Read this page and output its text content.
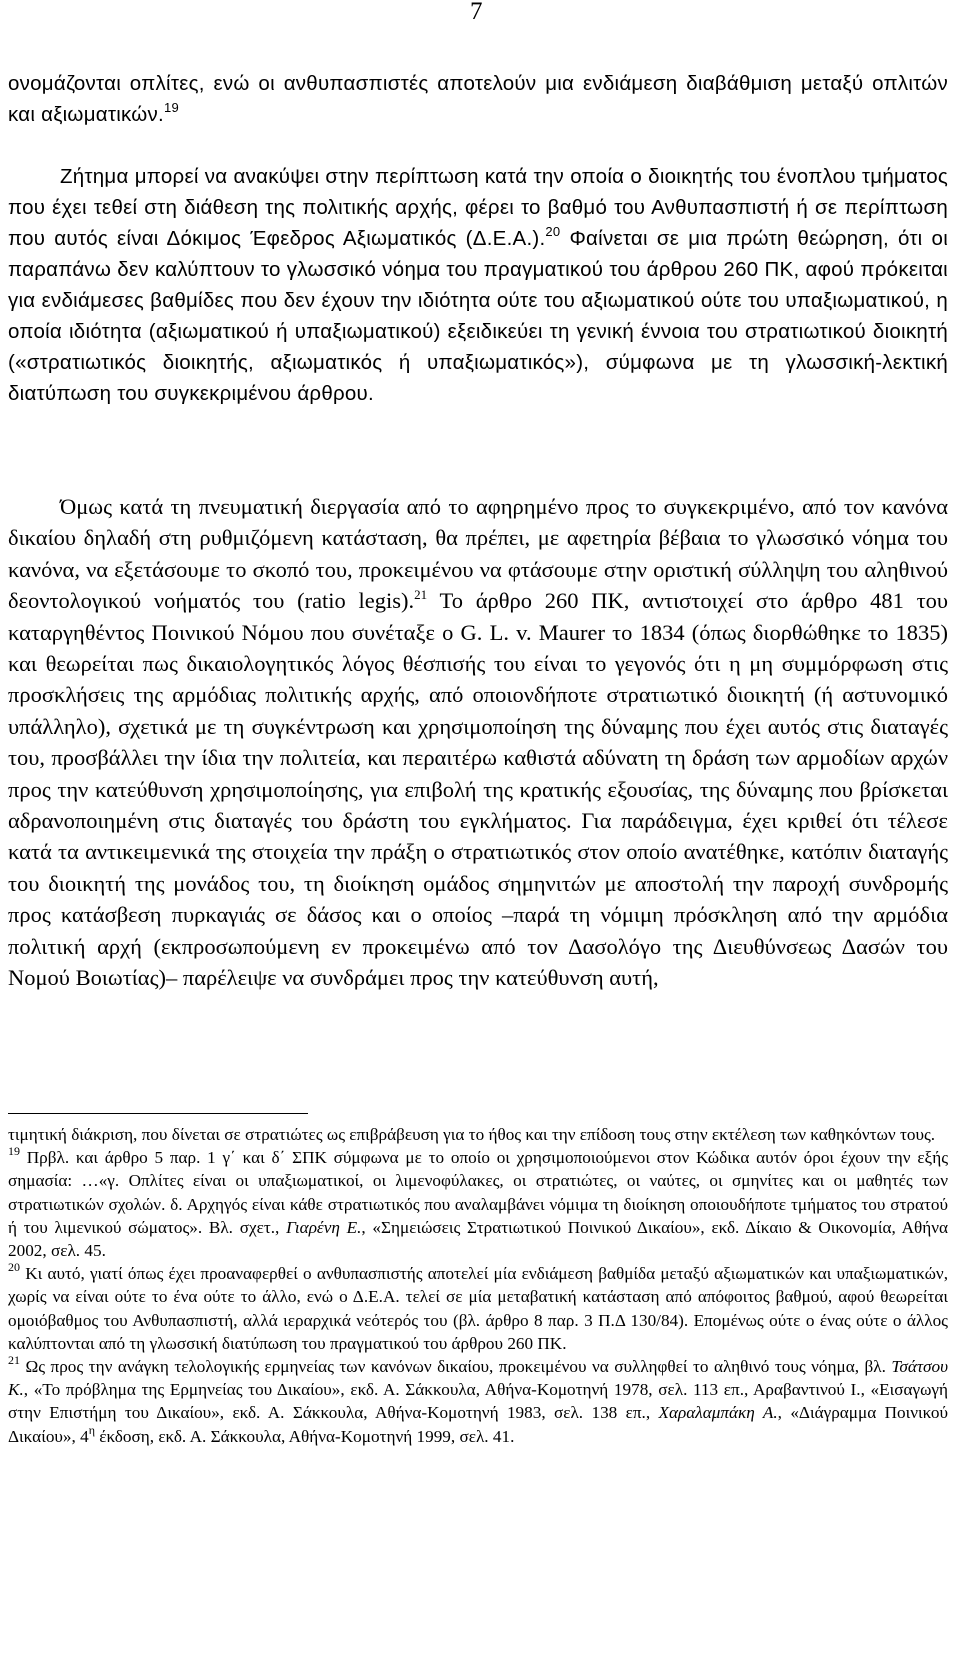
7

ονομάζονται οπλίτες, ενώ οι ανθυπασπιστές αποτελούν μια ενδιάμεση διαβάθμιση μεταξύ οπλιτών και αξιωματικών.$^{19}$

Ζήτημα μπορεί να ανακύψει στην περίπτωση κατά την οποία ο διοικητής του ένοπλου τμήματος που έχει τεθεί στη διάθεση της πολιτικής αρχής, φέρει το βαθμό του Ανθυπασπιστή ή σε περίπτωση που αυτός είναι Δόκιμος Έφεδρος Αξιωματικός (Δ.Ε.Α.).$^{20}$ Φαίνεται σε μια πρώτη θεώρηση, ότι οι παραπάνω δεν καλύπτουν το γλωσσικό νόημα του πραγματικού του άρθρου 260 ΠΚ, αφού πρόκειται για ενδιάμεσες βαθμίδες που δεν έχουν την ιδιότητα ούτε του αξιωματικού ούτε του υπαξιωματικού, η οποία ιδιότητα (αξιωματικού ή υπαξιωματικού) εξειδικεύει τη γενική έννοια του στρατιωτικού διοικητή («στρατιωτικός διοικητής, αξιωματικός ή υπαξιωματικός»), σύμφωνα με τη γλωσσική-λεκτική διατύπωση του συγκεκριμένου άρθρου.

Όμως κατά τη πνευματική διεργασία από το αφηρημένο προς το συγκεκριμένο, από τον κανόνα δικαίου δηλαδή στη ρυθμιζόμενη κατάσταση, θα πρέπει, με αφετηρία βέβαια το γλωσσικό νόημα του κανόνα, να εξετάσουμε το σκοπό του, προκειμένου να φτάσουμε στην οριστική σύλληψη του αληθινού δεοντολογικού νοήματός του (ratio legis).$^{21}$ Το άρθρο 260 ΠΚ, αντιστοιχεί στο άρθρο 481 του καταργηθέντος Ποινικού Νόμου που συνέταξε ο G. L. v. Maurer το 1834 (όπως διορθώθηκε το 1835) και θεωρείται πως δικαιολογητικός λόγος θέσπισής του είναι το γεγονός ότι η μη συμμόρφωση στις προσκλήσεις της αρμόδιας πολιτικής αρχής, από οποιονδήποτε στρατιωτικό διοικητή (ή αστυνομικό υπάλληλο), σχετικά με τη συγκέντρωση και χρησιμοποίηση της δύναμης που έχει αυτός στις διαταγές του, προσβάλλει την ίδια την πολιτεία, και περαιτέρω καθιστά αδύνατη τη δράση των αρμοδίων αρχών προς την κατεύθυνση χρησιμοποίησης, για επιβολή της κρατικής εξουσίας, της δύναμης που βρίσκεται αδρανοποιημένη στις διαταγές του δράστη του εγκλήματος. Για παράδειγμα, έχει κριθεί ότι τέλεσε κατά τα αντικειμενικά της στοιχεία την πράξη ο στρατιωτικός στον οποίο ανατέθηκε, κατόπιν διαταγής του διοικητή της μονάδος του, τη διοίκηση ομάδος σημηνιτών με αποστολή την παροχή συνδρομής προς κατάσβεση πυρκαγιάς σε δάσος και ο οποίος –παρά τη νόμιμη πρόσκληση από την αρμόδια πολιτική αρχή (εκπροσωπούμενη εν προκειμένω από τον Δασολόγο της Διευθύνσεως Δασών του Νομού Βοιωτίας)– παρέλειψε να συνδράμει προς την κατεύθυνση αυτή,

τιμητική διάκριση, που δίνεται σε στρατιώτες ως επιβράβευση για το ήθος και την επίδοση τους στην εκτέλεση των καθηκόντων τους.

$^{19}$ Πρβλ. και άρθρο 5 παρ. 1 γ΄ και δ΄ ΣΠΚ σύμφωνα με το οποίο οι χρησιμοποιούμενοι στον Κώδικα αυτόν όροι έχουν την εξής σημασία: …«γ. Οπλίτες είναι οι υπαξιωματικοί, οι λιμενοφύλακες, οι στρατιώτες, οι ναύτες, οι σμηνίτες και οι μαθητές των στρατιωτικών σχολών. δ. Αρχηγός είναι κάθε στρατιωτικός που αναλαμβάνει νόμιμα τη διοίκηση οποιουδήποτε τμήματος του στρατού ή του λιμενικού σώματος». Βλ. σχετ., Γιαρένη Ε., «Σημειώσεις Στρατιωτικού Ποινικού Δικαίου», εκδ. Δίκαιο & Οικονομία, Αθήνα 2002, σελ. 45.

$^{20}$ Κι αυτό, γιατί όπως έχει προαναφερθεί ο ανθυπασπιστής αποτελεί μία ενδιάμεση βαθμίδα μεταξύ αξιωματικών και υπαξιωματικών, χωρίς να είναι ούτε το ένα ούτε το άλλο, ενώ ο Δ.Ε.Α. τελεί σε μία μεταβατική κατάσταση από απόφοιτος βαθμού, αφού θεωρείται ομοιόβαθμος του Ανθυπασπιστή, αλλά ιεραρχικά νεότερός του (βλ. άρθρο 8 παρ. 3 Π.Δ 130/84). Επομένως ούτε ο ένας ούτε ο άλλος καλύπτονται από τη γλωσσική διατύπωση του πραγματικού του άρθρου 260 ΠΚ.

$^{21}$ Ως προς την ανάγκη τελολογικής ερμηνείας των κανόνων δικαίου, προκειμένου να συλληφθεί το αληθινό τους νόημα, βλ. Τσάτσου Κ., «Το πρόβλημα της Ερμηνείας του Δικαίου», εκδ. Α. Σάκκουλα, Αθήνα-Κομοτηνή 1978, σελ. 113 επ., Αραβαντινού Ι., «Εισαγωγή στην Επιστήμη του Δικαίου», εκδ. Α. Σάκκουλα, Αθήνα-Κομοτηνή 1983, σελ. 138 επ., Χαραλαμπάκη Α., «Διάγραμμα Ποινικού Δικαίου», $4^\eta$ έκδοση, εκδ. Α. Σάκκουλα, Αθήνα-Κομοτηνή 1999, σελ. 41.
